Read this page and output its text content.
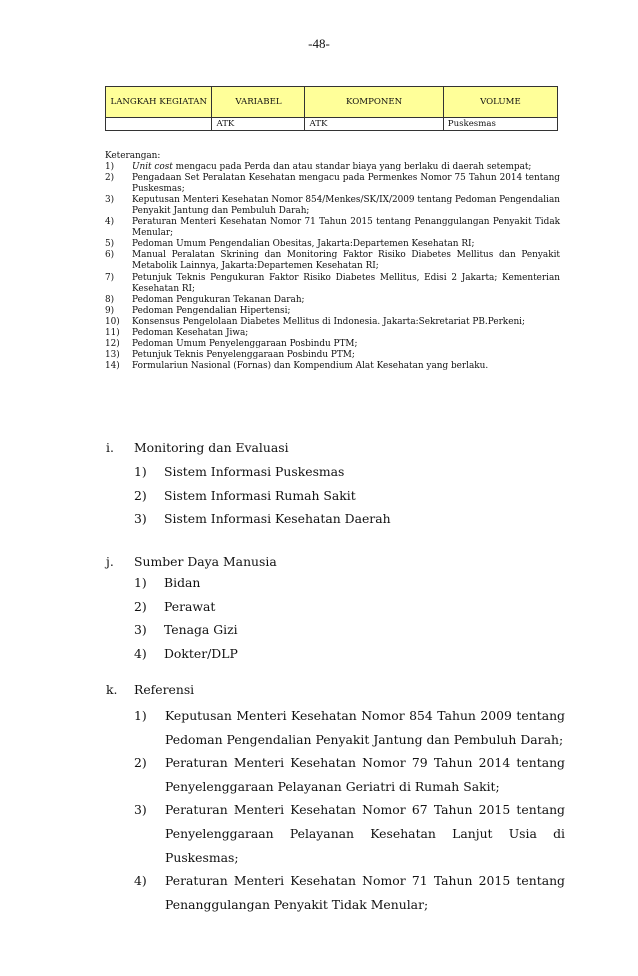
-48-
LANGKAH KEGIATAN	VARIABEL	KOMPONEN	VOLUME
	ATK	ATK	Puskesmas

Keterangan:

1) Unit cost mengacu pada Perda dan atau standar biaya yang berlaku di daerah setempat;
2) Pengadaan Set Peralatan Kesehatan mengacu pada Permenkes Nomor 75 Tahun 2014 tentang Puskesmas;
3) Keputusan Menteri Kesehatan Nomor 854/Menkes/SK/IX/2009 tentang Pedoman Pengendalian Penyakit Jantung dan Pembuluh Darah;
4) Peraturan Menteri Kesehatan Nomor 71 Tahun 2015 tentang Penanggulangan Penyakit Tidak Menular;
5) Pedoman Umum Pengendalian Obesitas, Jakarta:Departemen Kesehatan RI;
6) Manual Peralatan Skrining dan Monitoring Faktor Risiko Diabetes Mellitus dan Penyakit Metabolik Lainnya, Jakarta:Departemen Kesehatan RI;
7) Petunjuk Teknis Pengukuran Faktor Risiko Diabetes Mellitus, Edisi 2 Jakarta; Kementerian Kesehatan RI;
8) Pedoman Pengukuran Tekanan Darah;
9) Pedoman Pengendalian Hipertensi;
10) Konsensus Pengelolaan Diabetes Mellitus di Indonesia. Jakarta:Sekretariat PB.Perkeni;
11) Pedoman Kesehatan Jiwa;
12) Pedoman Umum Penyelenggaraan Posbindu PTM;
13) Petunjuk Teknis Penyelenggaraan Posbindu PTM;
14) Formulariun Nasional (Fornas) dan Kompendium Alat Kesehatan yang berlaku.
i. Monitoring dan Evaluasi
1) Sistem Informasi Puskesmas
2) Sistem Informasi Rumah Sakit
3) Sistem Informasi Kesehatan Daerah
j. Sumber Daya Manusia
1) Bidan
2) Perawat
3) Tenaga Gizi
4) Dokter/DLP
k. Referensi
1) Keputusan Menteri Kesehatan Nomor 854 Tahun 2009 tentang Pedoman Pengendalian Penyakit Jantung dan Pembuluh Darah;
2) Peraturan Menteri Kesehatan Nomor 79 Tahun 2014 tentang Penyelenggaraan Pelayanan Geriatri di Rumah Sakit;
3) Peraturan Menteri Kesehatan Nomor 67 Tahun 2015 tentang Penyelenggaraan Pelayanan Kesehatan Lanjut Usia di Puskesmas;
4) Peraturan Menteri Kesehatan Nomor 71 Tahun 2015 tentang Penanggulangan Penyakit Tidak Menular;
